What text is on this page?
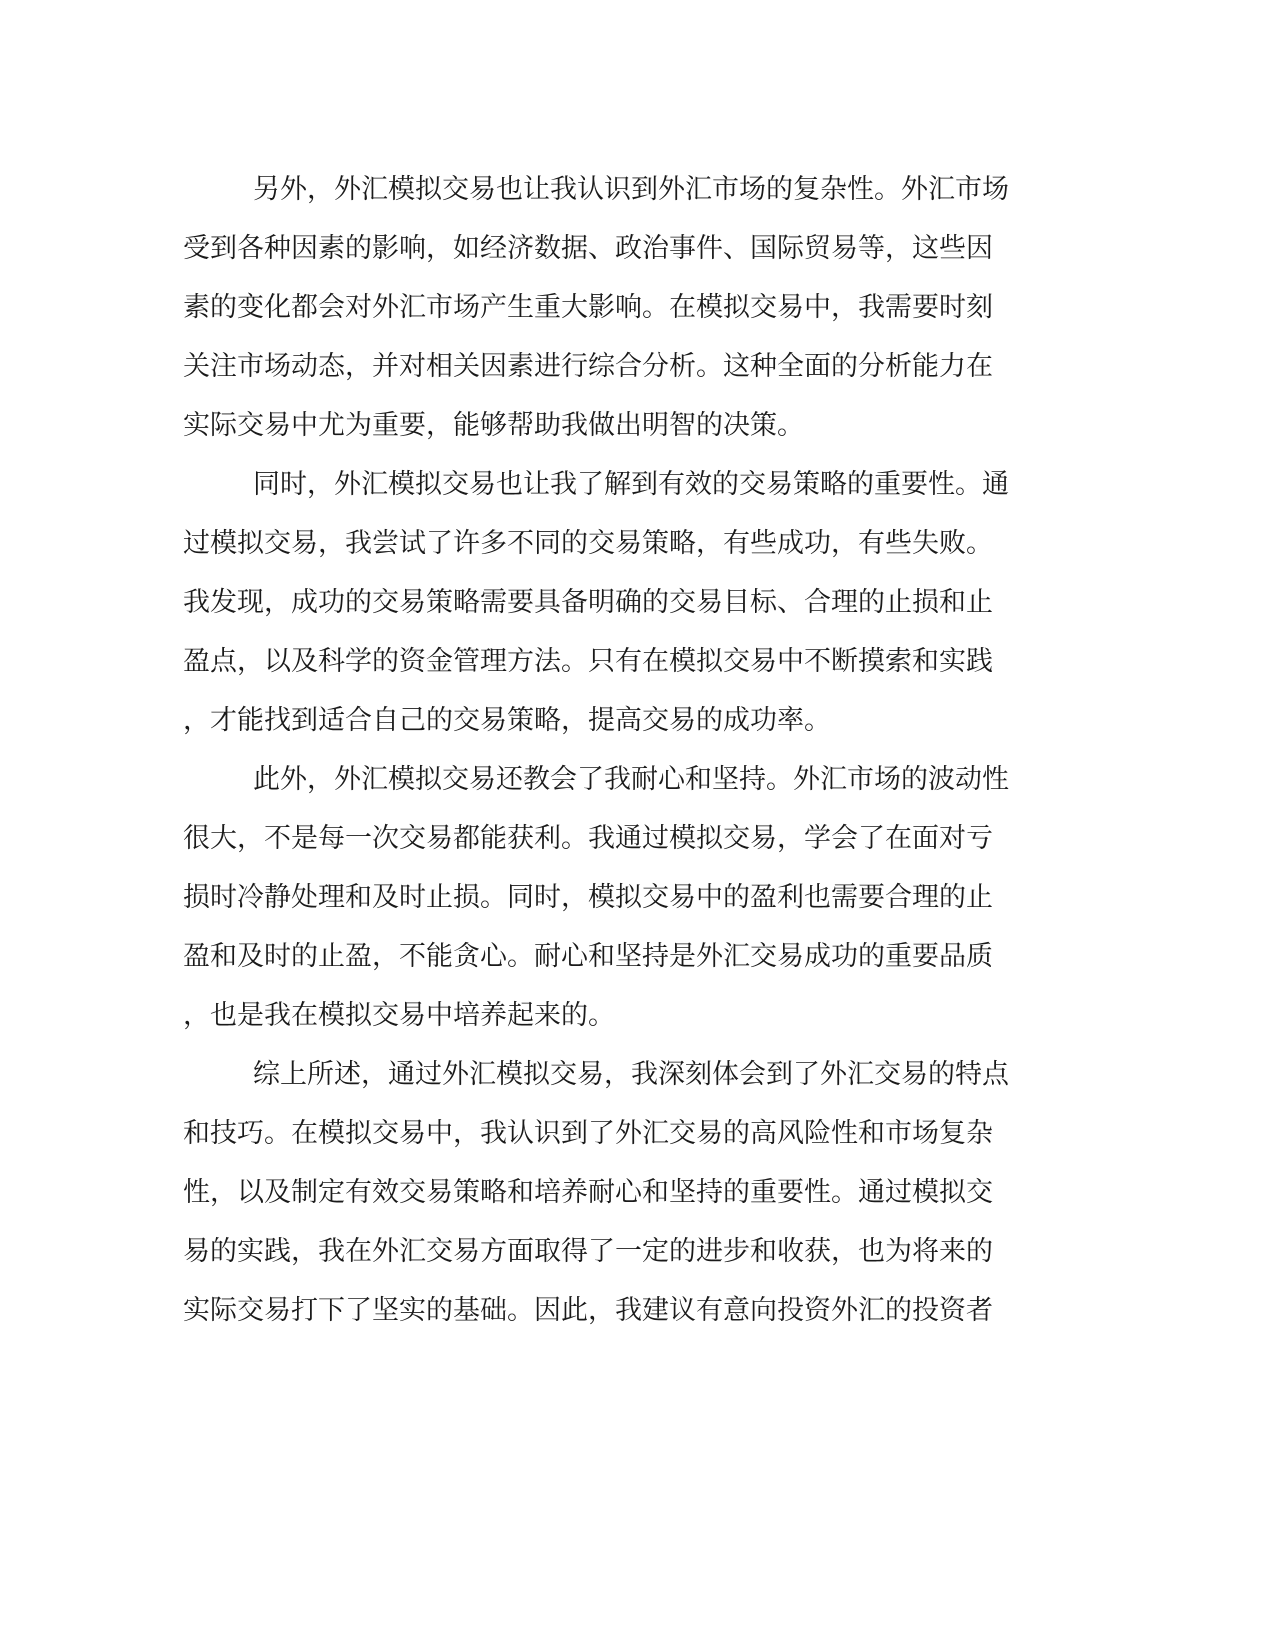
另外，外汇模拟交易也让我认识到外汇市场的复杂性。外汇市场
受到各种因素的影响，如经济数据、政治事件、国际贸易等，这些因
素的变化都会对外汇市场产生重大影响。在模拟交易中，我需要时刻
关注市场动态，并对相关因素进行综合分析。这种全面的分析能力在
实际交易中尤为重要，能够帮助我做出明智的决策。
同时，外汇模拟交易也让我了解到有效的交易策略的重要性。通
过模拟交易，我尝试了许多不同的交易策略，有些成功，有些失败。
我发现，成功的交易策略需要具备明确的交易目标、合理的止损和止
盈点，以及科学的资金管理方法。只有在模拟交易中不断摸索和实践
，才能找到适合自己的交易策略，提高交易的成功率。
此外，外汇模拟交易还教会了我耐心和坚持。外汇市场的波动性
很大，不是每一次交易都能获利。我通过模拟交易，学会了在面对亏
损时冷静处理和及时止损。同时，模拟交易中的盈利也需要合理的止
盈和及时的止盈，不能贪心。耐心和坚持是外汇交易成功的重要品质
，也是我在模拟交易中培养起来的。
综上所述，通过外汇模拟交易，我深刻体会到了外汇交易的特点
和技巧。在模拟交易中，我认识到了外汇交易的高风险性和市场复杂
性，以及制定有效交易策略和培养耐心和坚持的重要性。通过模拟交
易的实践，我在外汇交易方面取得了一定的进步和收获，也为将来的
实际交易打下了坚实的基础。因此，我建议有意向投资外汇的投资者
